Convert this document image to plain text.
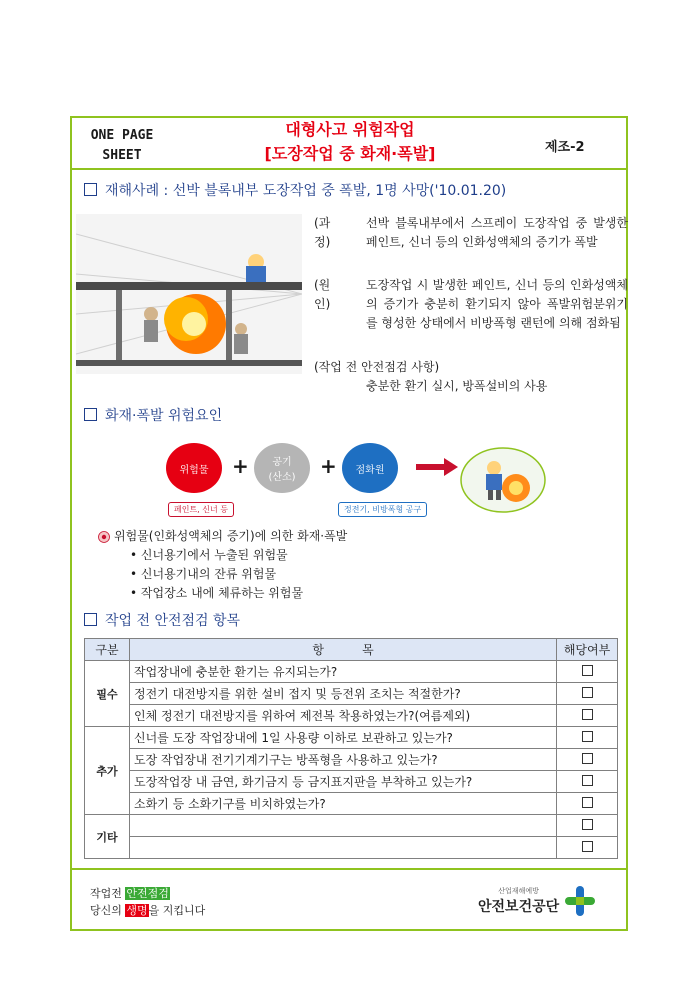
ONE PAGE
SHEET
대형사고 위험작업
[도장작업 중 화재·폭발]	제조-2
재해사례 : 선박 블록내부 도장작업 중 폭발, 1명 사망('10.01.20)
(과정)
선박 블록내부에서 스프레이 도장작업 중 발생한 페인트, 신너 등의 인화성액체의 증기가 폭발
(원인)
도장작업 시 발생한 페인트, 신너 등의 인화성액체의 증기가 충분히 환기되지 않아 폭발위험분위기를 형성한 상태에서 비방폭형 랜턴에 의해 점화됨
(작업 전 안전점검 사항)
충분한 환기 실시, 방폭설비의 사용
화재·폭발 위험요인
위험물	+ 공기
(산소) +	점화원
페인트, 신너 등	정전기, 비방폭형 공구
위험물(인화성액체의 증기)에 의한 화재·폭발
• 신너용기에서 누출된 위험물
• 신너용기내의 잔류 위험물
• 작업장소 내에 체류하는 위험물
작업 전 안전점검 항목
구분	항          목	해당여부
필수	작업장내에 충분한 환기는 유지되는가?	
	정전기 대전방지를 위한 설비 접지 및 등전위 조치는 적절한가?	
	인체 정전기 대전방지를 위하여 제전복 착용하였는가?(여름제외)	
추가	신너를 도장 작업장내에 1일 사용량 이하로 보관하고 있는가?	
	도장 작업장내 전기기계기구는 방폭형을 사용하고 있는가?	
	도장작업장 내 금연, 화기금지 등 금지표지판을 부착하고 있는가?	
	소화기 등 소화기구를 비치하였는가?	
기타		

작업전 안전점검
당신의 생명을 지킵니다
산업재해예방
안전보건공단
